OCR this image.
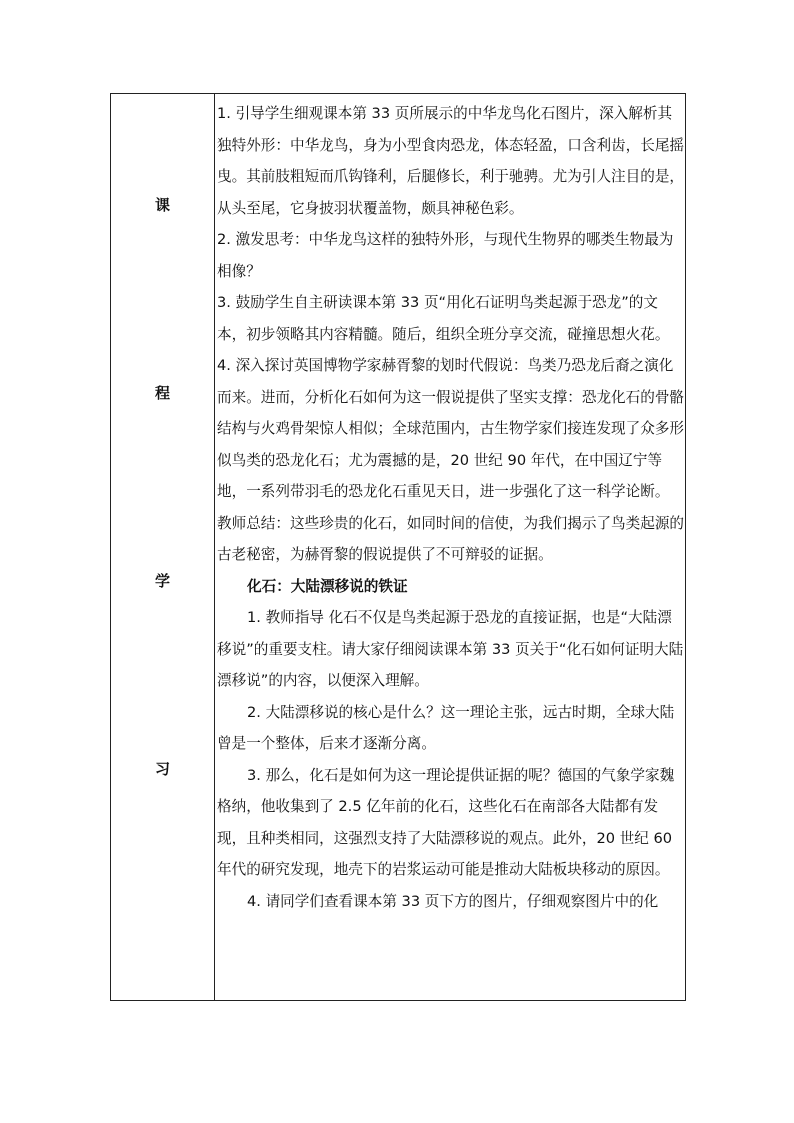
课
程
学
习

1. 引导学生细观课本第 33 页所展示的中华龙鸟化石图片，深入解析其独特外形：中华龙鸟，身为小型食肉恐龙，体态轻盈，口含利齿，长尾摇曳。其前肢粗短而爪钩锋利，后腿修长，利于驰骋。尤为引人注目的是，从头至尾，它身披羽状覆盖物，颇具神秘色彩。

2. 激发思考：中华龙鸟这样的独特外形，与现代生物界的哪类生物最为相像？

3. 鼓励学生自主研读课本第 33 页“用化石证明鸟类起源于恐龙”的文本，初步领略其内容精髓。随后，组织全班分享交流，碰撞思想火花。

4. 深入探讨英国博物学家赫胥黎的划时代假说：鸟类乃恐龙后裔之演化而来。进而，分析化石如何为这一假说提供了坚实支撑：恐龙化石的骨骼结构与火鸡骨架惊人相似；全球范围内，古生物学家们接连发现了众多形似鸟类的恐龙化石；尤为震撼的是，20 世纪 90 年代，在中国辽宁等地，一系列带羽毛的恐龙化石重见天日，进一步强化了这一科学论断。

教师总结：这些珍贵的化石，如同时间的信使，为我们揭示了鸟类起源的古老秘密，为赫胥黎的假说提供了不可辩驳的证据。

化石：大陆漂移说的铁证

1. 教师指导 化石不仅是鸟类起源于恐龙的直接证据，也是“大陆漂移说”的重要支柱。请大家仔细阅读课本第 33 页关于“化石如何证明大陆漂移说”的内容，以便深入理解。

2. 大陆漂移说的核心是什么？这一理论主张，远古时期，全球大陆曾是一个整体，后来才逐渐分离。

3. 那么，化石是如何为这一理论提供证据的呢？德国的气象学家魏格纳，他收集到了 2.5 亿年前的化石，这些化石在南部各大陆都有发现，且种类相同，这强烈支持了大陆漂移说的观点。此外，20 世纪 60 年代的研究发现，地壳下的岩浆运动可能是推动大陆板块移动的原因。

4. 请同学们查看课本第 33 页下方的图片，仔细观察图片中的化
